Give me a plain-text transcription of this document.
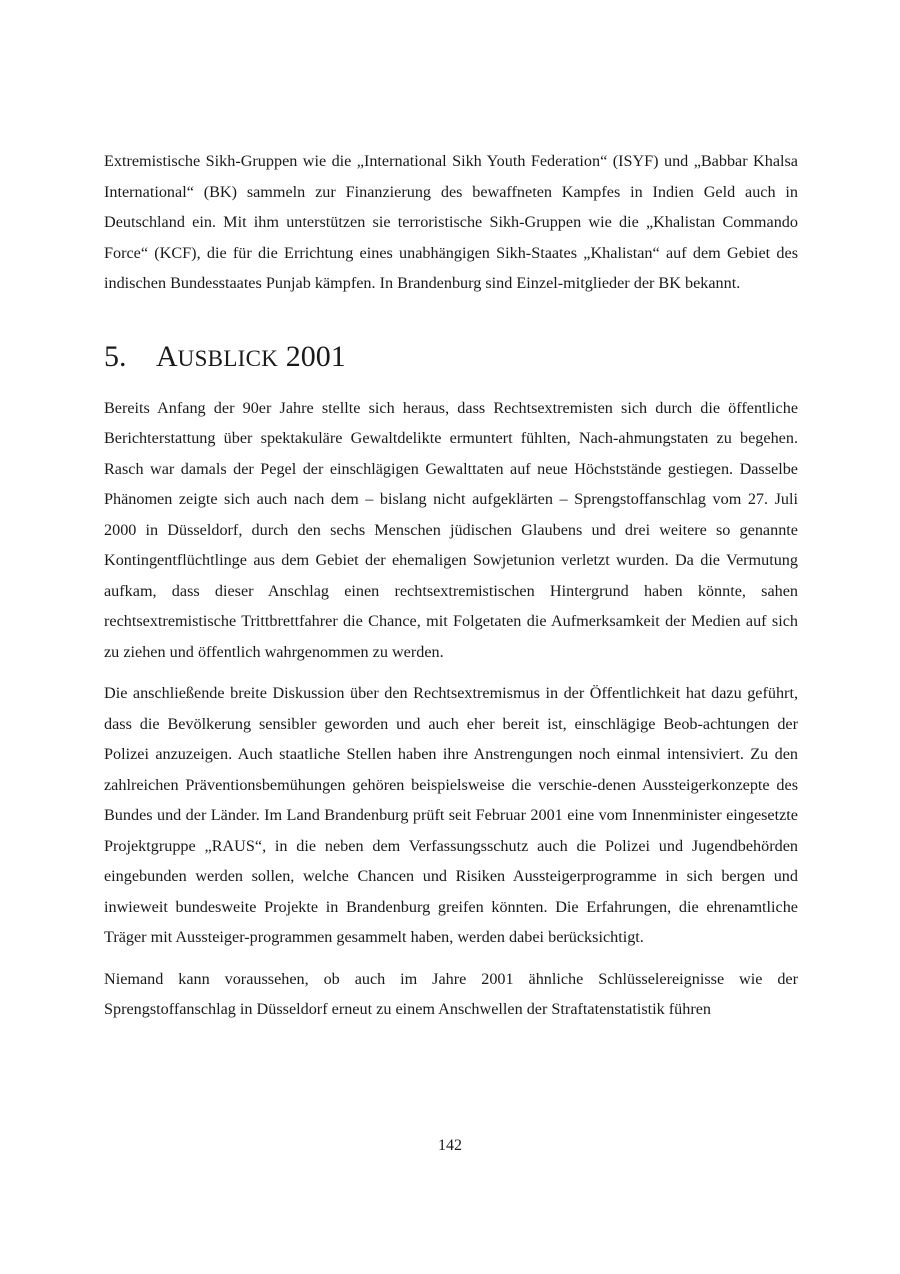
Extremistische Sikh-Gruppen wie die „International Sikh Youth Federation“ (ISYF) und „Babbar Khalsa International“ (BK) sammeln zur Finanzierung des bewaffneten Kampfes in Indien Geld auch in Deutschland ein. Mit ihm unterstützen sie terroristische Sikh-Gruppen wie die „Khalistan Commando Force“ (KCF), die für die Errichtung eines unabhängigen Sikh-Staates „Khalistan“ auf dem Gebiet des indischen Bundesstaates Punjab kämpfen. In Brandenburg sind Einzel-mitglieder der BK bekannt.

5. AUSBLICK 2001

Bereits Anfang der 90er Jahre stellte sich heraus, dass Rechtsextremisten sich durch die öffentliche Berichterstattung über spektakuläre Gewaltdelikte ermuntert fühlten, Nach-ahmungstaten zu begehen. Rasch war damals der Pegel der einschlägigen Gewalttaten auf neue Höchststände gestiegen. Dasselbe Phänomen zeigte sich auch nach dem – bislang nicht aufgeklärten – Sprengstoffanschlag vom 27. Juli 2000 in Düsseldorf, durch den sechs Menschen jüdischen Glaubens und drei weitere so genannte Kontingentflüchtlinge aus dem Gebiet der ehemaligen Sowjetunion verletzt wurden. Da die Vermutung aufkam, dass dieser Anschlag einen rechtsextremistischen Hintergrund haben könnte, sahen rechtsextremistische Trittbrettfahrer die Chance, mit Folgetaten die Aufmerksamkeit der Medien auf sich zu ziehen und öffentlich wahrgenommen zu werden.

Die anschließende breite Diskussion über den Rechtsextremismus in der Öffentlichkeit hat dazu geführt, dass die Bevölkerung sensibler geworden und auch eher bereit ist, einschlägige Beob-achtungen der Polizei anzuzeigen. Auch staatliche Stellen haben ihre Anstrengungen noch einmal intensiviert. Zu den zahlreichen Präventionsbemühungen gehören beispielsweise die verschie-denen Aussteigerkonzepte des Bundes und der Länder. Im Land Brandenburg prüft seit Februar 2001 eine vom Innenminister eingesetzte Projektgruppe „RAUS“, in die neben dem Verfassungsschutz auch die Polizei und Jugendbehörden eingebunden werden sollen, welche Chancen und Risiken Aussteigerprogramme in sich bergen und inwieweit bundesweite Projekte in Brandenburg greifen könnten. Die Erfahrungen, die ehrenamtliche Träger mit Aussteiger-programmen gesammelt haben, werden dabei berücksichtigt.

Niemand kann voraussehen, ob auch im Jahre 2001 ähnliche Schlüsselereignisse wie der Sprengstoffanschlag in Düsseldorf erneut zu einem Anschwellen der Straftatenstatistik führen

142
